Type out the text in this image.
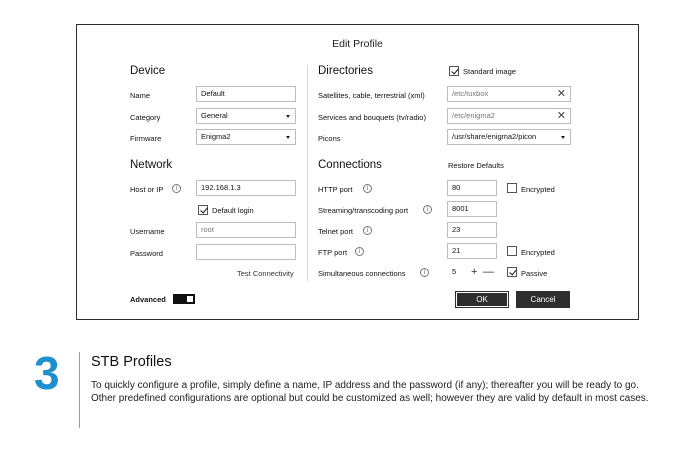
Edit Profile
Device
Name	Default
Category	General
Firmware	Enigma2
Network
Host or IP	i	192.168.1.3
Default login
Username	root
Password
Test Connectivity
Directories	Standard image
Satellites, cable, terrestrial (xml)	/etc/tuxbox	✕
Services and bouquets (tv/radio)	/etc/enigma2	✕
Picons	/usr/share/enigma2/picon
Connections	Restore Defaults
HTTP port	i	80	Encrypted
Streaming/transcoding port	i	8001
Telnet port	i	23
FTP port	i	21	Encrypted
Simultaneous connections	i	5	+ —	Passive
Advanced	OK	Cancel
3 STB Profiles
To quickly configure a profile, simply define a name, IP address and the password (if any); thereafter you will be ready to go. Other predefined configurations are optional but could be customized as well; however they are valid by default in most cases.
